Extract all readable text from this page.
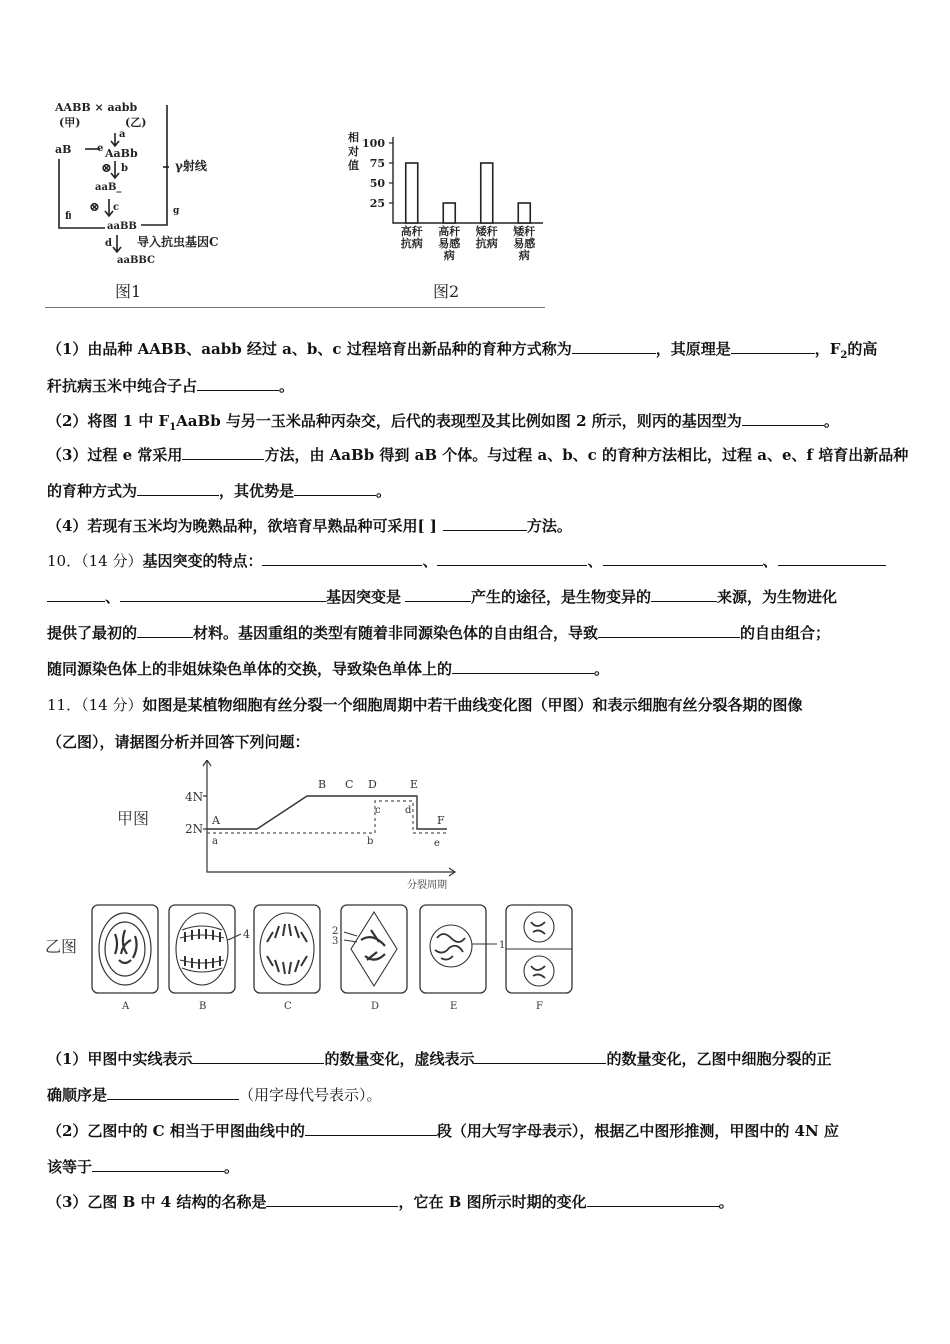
AABB × aabb
(甲)	(乙)
a
e
aB	AaBb
⊗ b
aaB_
⊗ c
f
aaBB
γ射线
g
d 导入抗虫基因C
aaBBC
图1
相
对
值
25
50
75
100
高秆
抗病
高秆
易感
病
矮秆
抗病
矮秆
易感
病
图2
（1）由品种 AABB、aabb 经过 a、b、c 过程培育出新品种的育种方式称为	，其原理是	，$F_2$的高
秆抗病玉米中纯合子占	。
（2）将图 1 中 $F_1AaBb$ 与另一玉米品种丙杂交，后代的表现型及其比例如图 2 所示，则丙的基因型为	。
（3）过程 e 常采用	方法，由 AaBb 得到 aB 个体。与过程 a、b、c 的育种方法相比，过程 a、e、f 培育出新品种
的育种方式为	，其优势是	。
（4）若现有玉米均为晚熟品种，欲培育早熟品种可采用[ ]	方法。
10．（14 分）基因突变的特点：	、	、	、
、	基因突变是	产生的途径，是生物变异的	来源，为生物进化
提供了最初的	材料。基因重组的类型有随着非同源染色体的自由组合，导致	的自由组合；
随同源染色体上的非姐妹染色单体的交换，导致染色单体上的	。
11．（14 分）如图是某植物细胞有丝分裂一个细胞周期中若干曲线变化图（甲图）和表示细胞有丝分裂各期的图像
（乙图），请据图分析并回答下列问题：
甲图
4N
2N
A
B C D	E
F
a	b
c d
e
分裂周期
乙图
4	2
3	1
A	B	C	D	E	F
（1）甲图中实线表示	的数量变化，虚线表示	的数量变化，乙图中细胞分裂的正
确顺序是	（用字母代号表示）。
（2）乙图中的 C 相当于甲图曲线中的	段（用大写字母表示），根据乙中图形推测，甲图中的 4N 应
该等于	。
（3）乙图 B 中 4 结构的名称是	，它在 B 图所示时期的变化	。
